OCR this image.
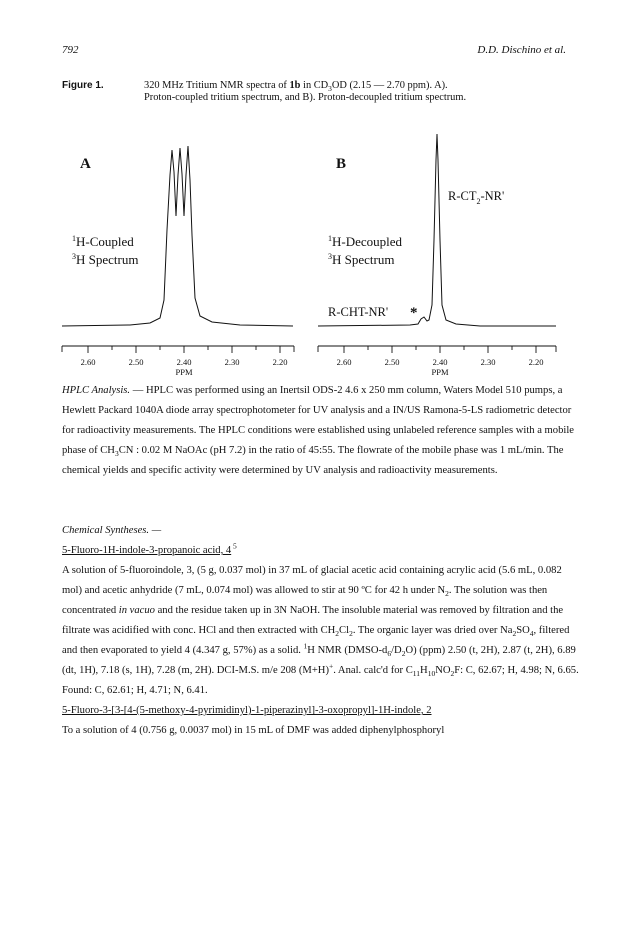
792	D.D. Dischino et al.
Figure 1.	320 MHz Tritium NMR spectra of 1b in $CD_3OD$ (2.15 — 2.70 ppm). A).
Proton-coupled tritium spectrum, and B). Proton-decoupled tritium spectrum.
A
$^1$H-Coupled
$^3$H Spectrum
B
$R-CT_2-NR'$
$^1$H-Decoupled
$^3$H Spectrum
R-CHT-NR' *
2.60	2.50	2.40	2.30	2.20
PPM
2.60	2.50	2.40	2.30	2.20
PPM

HPLC Analysis. — HPLC was performed using an Inertsil ODS-2 4.6 x 250 mm column, Waters Model 510 pumps, a Hewlett Packard 1040A diode array spectrophotometer for UV analysis and a IN/US Ramona-5-LS radiometric detector for radioactivity measurements. The HPLC conditions were established using unlabeled reference samples with a mobile phase of $CH_3CN$ : 0.02 M NaOAc (pH 7.2) in the ratio of 45:55. The flowrate of the mobile phase was 1 mL/min. The chemical yields and specific activity were determined by UV analysis and radioactivity measurements.

Chemical Syntheses. —

5-Fluoro-1H-indole-3-propanoic acid, 4 $^5$

A solution of 5-fluoroindole, 3, (5 g, 0.037 mol) in 37 mL of glacial acetic acid containing acrylic acid (5.6 mL, 0.082 mol) and acetic anhydride (7 mL, 0.074 mol) was allowed to stir at 90 ºC for 42 h under $N_2$. The solution was then concentrated in vacuo and the residue taken up in 3N NaOH. The insoluble material was removed by filtration and the filtrate was acidified with conc. HCl and then extracted with $CH_2Cl_2$. The organic layer was dried over $Na_2SO_4$, filtered and then evaporated to yield 4 (4.347 g, 57%) as a solid. $^1$H NMR $(DMSO-d_6/D_2O)$ (ppm) 2.50 (t, 2H), 2.87 (t, 2H), 6.89 (dt, 1H), 7.18 (s, 1H), 7.28 (m, 2H). DCI-M.S. m/e 208 (M+H)+. Anal. calc'd for $C_{11}H_{10}NO_2F$: C, 62.67; H, 4.98; N, 6.65. Found: C, 62.61; H, 4.71; N, 6.41.

5-Fluoro-3-[3-[4-(5-methoxy-4-pyrimidinyl)-1-piperazinyl]-3-oxopropyl]-1H-indole, 2

To a solution of 4 (0.756 g, 0.0037 mol) in 15 mL of DMF was added diphenylphosphoryl
